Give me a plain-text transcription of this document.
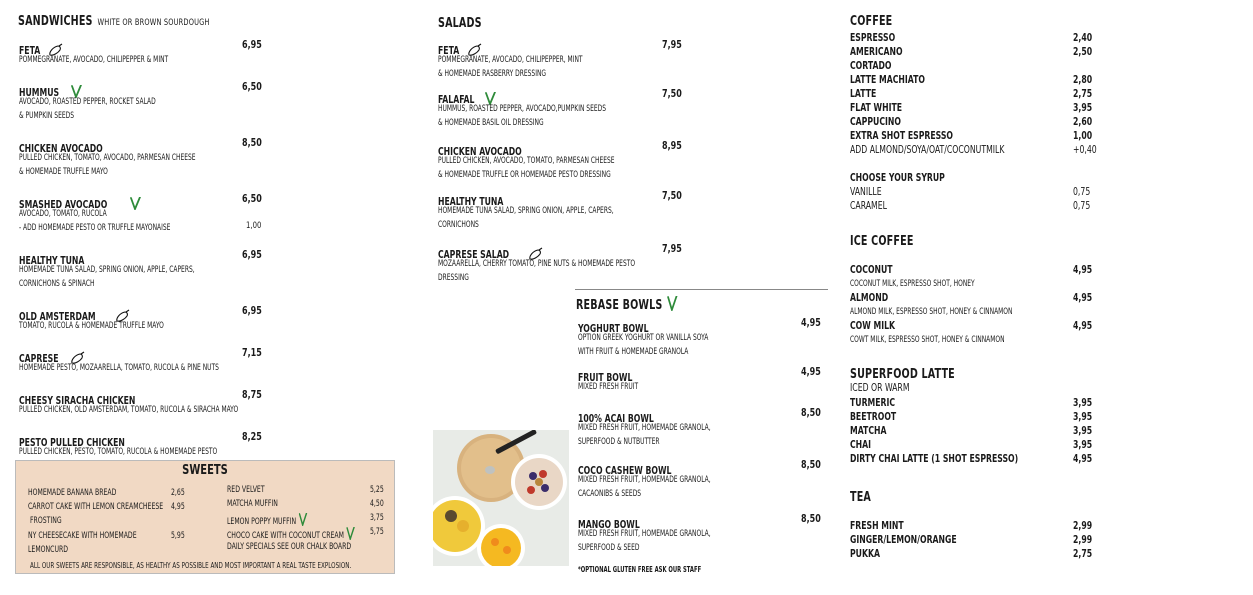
SANDWICHES WHITE OR BROWN SOURDOUGH
FETA
POMMEGRANATE, AVOCADO, CHILIPEPPER & MINT
6,95
HUMMUS
AVOCADO, ROASTED PEPPER, ROCKET SALAD
& PUMPKIN SEEDS
6,50
CHICKEN AVOCADO
PULLED CHICKEN, TOMATO, AVOCADO, PARMESAN CHEESE
& HOMEMADE TRUFFLE MAYO
8,50
SMASHED AVOCADO
AVOCADO, TOMATO, RUCOLA
- ADD HOMEMADE PESTO OR TRUFFLE MAYONAISE
6,50
1,00
HEALTHY TUNA
HOMEMADE TUNA SALAD, SPRING ONION, APPLE, CAPERS,
CORNICHONS & SPINACH
6,95
OLD AMSTERDAM
TOMATO, RUCOLA & HOMEMADE TRUFFLE MAYO
6,95
CAPRESE
HOMEMADE PESTO, MOZAARELLA, TOMATO, RUCOLA & PINE NUTS
7,15
CHEESY SIRACHA CHICKEN
PULLED CHICKEN, OLD AMSTERDAM, TOMATO, RUCOLA & SIRACHA MAYO
8,75
PESTO PULLED CHICKEN
PULLED CHICKEN, PESTO, TOMATO, RUCOLA & HOMEMADE PESTO
8,25
SWEETS
HOMEMADE BANANA BREAD	2,65
CARROT CAKE WITH LEMON CREAMCHEESE 4,95
FROSTING
NY CHEESECAKE WITH HOMEMADE	5,95
LEMONCURD
RED VELVET	5,25
MATCHA MUFFIN	4,50
LEMON POPPY MUFFIN	3,75
CHOCO CAKE WITH COCONUT CREAM	5,75
DAILY SPECIALS SEE OUR CHALK BOARD
ALL OUR SWEETS ARE RESPONSIBLE, AS HEALTHY AS POSSIBLE AND MOST IMPORTANT A REAL TASTE EXPLOSION.
SALADS
FETA
POMMEGRANATE, AVOCADO, CHILIPEPPER, MINT
& HOMEMADE RASBERRY DRESSING
7,95
FALAFAL
HUMMUS, ROASTED PEPPER, AVOCADO,PUMPKIN SEEDS
& HOMEMADE BASIL OIL DRESSING
7,50
CHICKEN AVOCADO
PULLED CHICKEN, AVOCADO, TOMATO, PARMESAN CHEESE
& HOMEMADE TRUFFLE OR HOMEMADE PESTO DRESSING
8,95
HEALTHY TUNA
HOMEMADE TUNA SALAD, SPRING ONION, APPLE, CAPERS,
CORNICHONS
7,50
CAPRESE SALAD
MOZAARELLA, CHERRY TOMATO, PINE NUTS & HOMEMADE PESTO
DRESSING
7,95
REBASE BOWLS
YOGHURT BOWL
OPTION GREEK YOGHURT OR VANILLA SOYA
WITH FRUIT & HOMEMADE GRANOLA
4,95
FRUIT BOWL
MIXED FRESH FRUIT
4,95
100% ACAI BOWL
MIXED FRESH FRUIT, HOMEMADE GRANOLA,
SUPERFOOD & NUTBUTTER
8,50
COCO CASHEW BOWL
MIXED FRESH FRUIT, HOMEMADE GRANOLA,
CACAONIBS & SEEDS
8,50
MANGO BOWL
MIXED FRESH FRUIT, HOMEMADE GRANOLA,
SUPERFOOD & SEED
8,50
*OPTIONAL GLUTEN FREE ASK OUR STAFF
COFFEE
ESPRESSO	2,40
AMERICANO	2,50
CORTADO
LATTE MACHIATO	2,80
LATTE	2,75
FLAT WHITE	3,95
CAPPUCINO	2,60
EXTRA SHOT ESPRESSO	1,00
ADD ALMOND/SOYA/OAT/COCONUTMILK	+0,40
CHOOSE YOUR SYRUP
VANILLE	0,75
CARAMEL	0,75
ICE COFFEE
COCONUT	4,95
COCONUT MILK, ESPRESSO SHOT, HONEY
ALMOND	4,95
ALMOND MILK, ESPRESSO SHOT, HONEY & CINNAMON
COW MILK	4,95
COWT MILK, ESPRESSO SHOT, HONEY & CINNAMON
SUPERFOOD LATTE
ICED OR WARM
TURMERIC	3,95
BEETROOT	3,95
MATCHA	3,95
CHAI	3,95
DIRTY CHAI LATTE (1 SHOT ESPRESSO)	4,95
TEA
FRESH MINT	2,99
GINGER/LEMON/ORANGE	2,99
PUKKA	2,75
